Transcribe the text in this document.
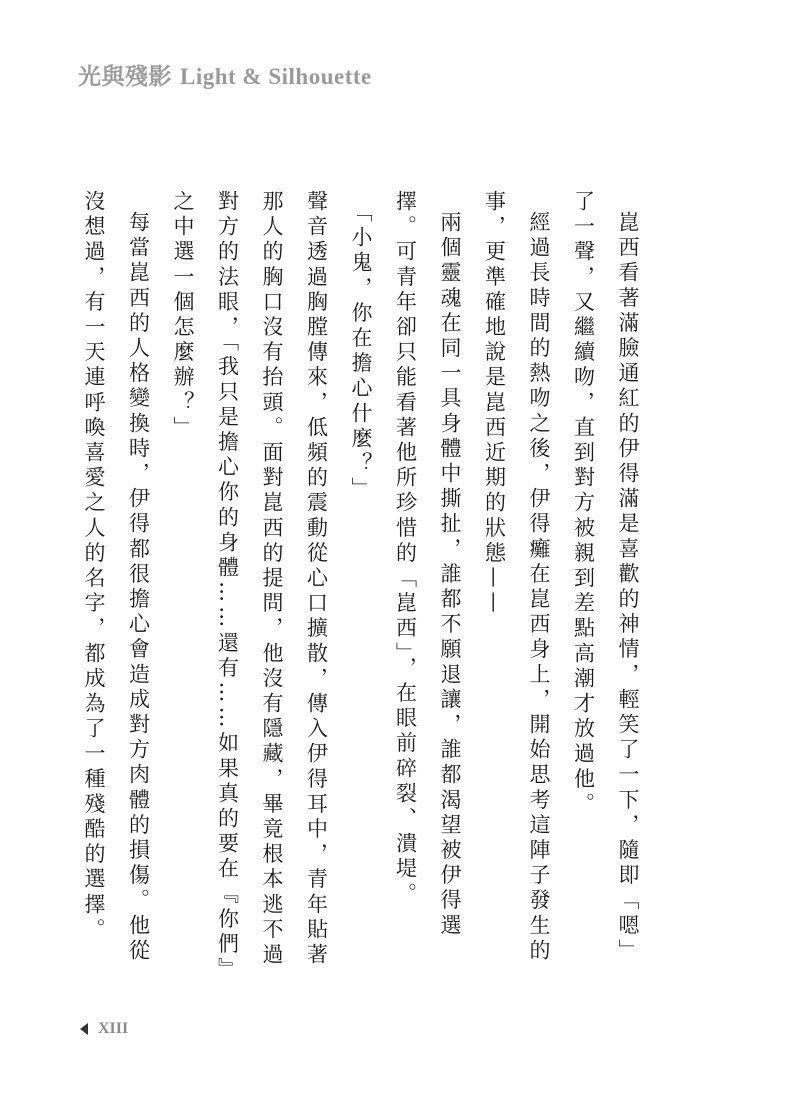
光與殘影 Light & Silhouette

崑西看著滿臉通紅的伊得滿是喜歡的神情，輕笑了一下，隨即「嗯」了一聲，又繼續吻，直到對方被親到差點高潮才放過他。

經過長時間的熱吻之後，伊得癱在崑西身上，開始思考這陣子發生的事，更準確地說是崑西近期的狀態——

兩個靈魂在同一具身體中撕扯，誰都不願退讓，誰都渴望被伊得選擇。可青年卻只能看著他所珍惜的「崑西」，在眼前碎裂、潰堤。

「小鬼，你在擔心什麼？」

聲音透過胸膛傳來，低頻的震動從心口擴散，傳入伊得耳中，青年貼著那人的胸口沒有抬頭。面對崑西的提問，他沒有隱藏，畢竟根本逃不過對方的法眼，「我只是擔心你的身體……還有……如果真的要在『你們』之中選一個怎麼辦？」

每當崑西的人格變換時，伊得都很擔心會造成對方肉體的損傷。他從沒想過，有一天連呼喚喜愛之人的名字，都成為了一種殘酷的選擇。

XIII
